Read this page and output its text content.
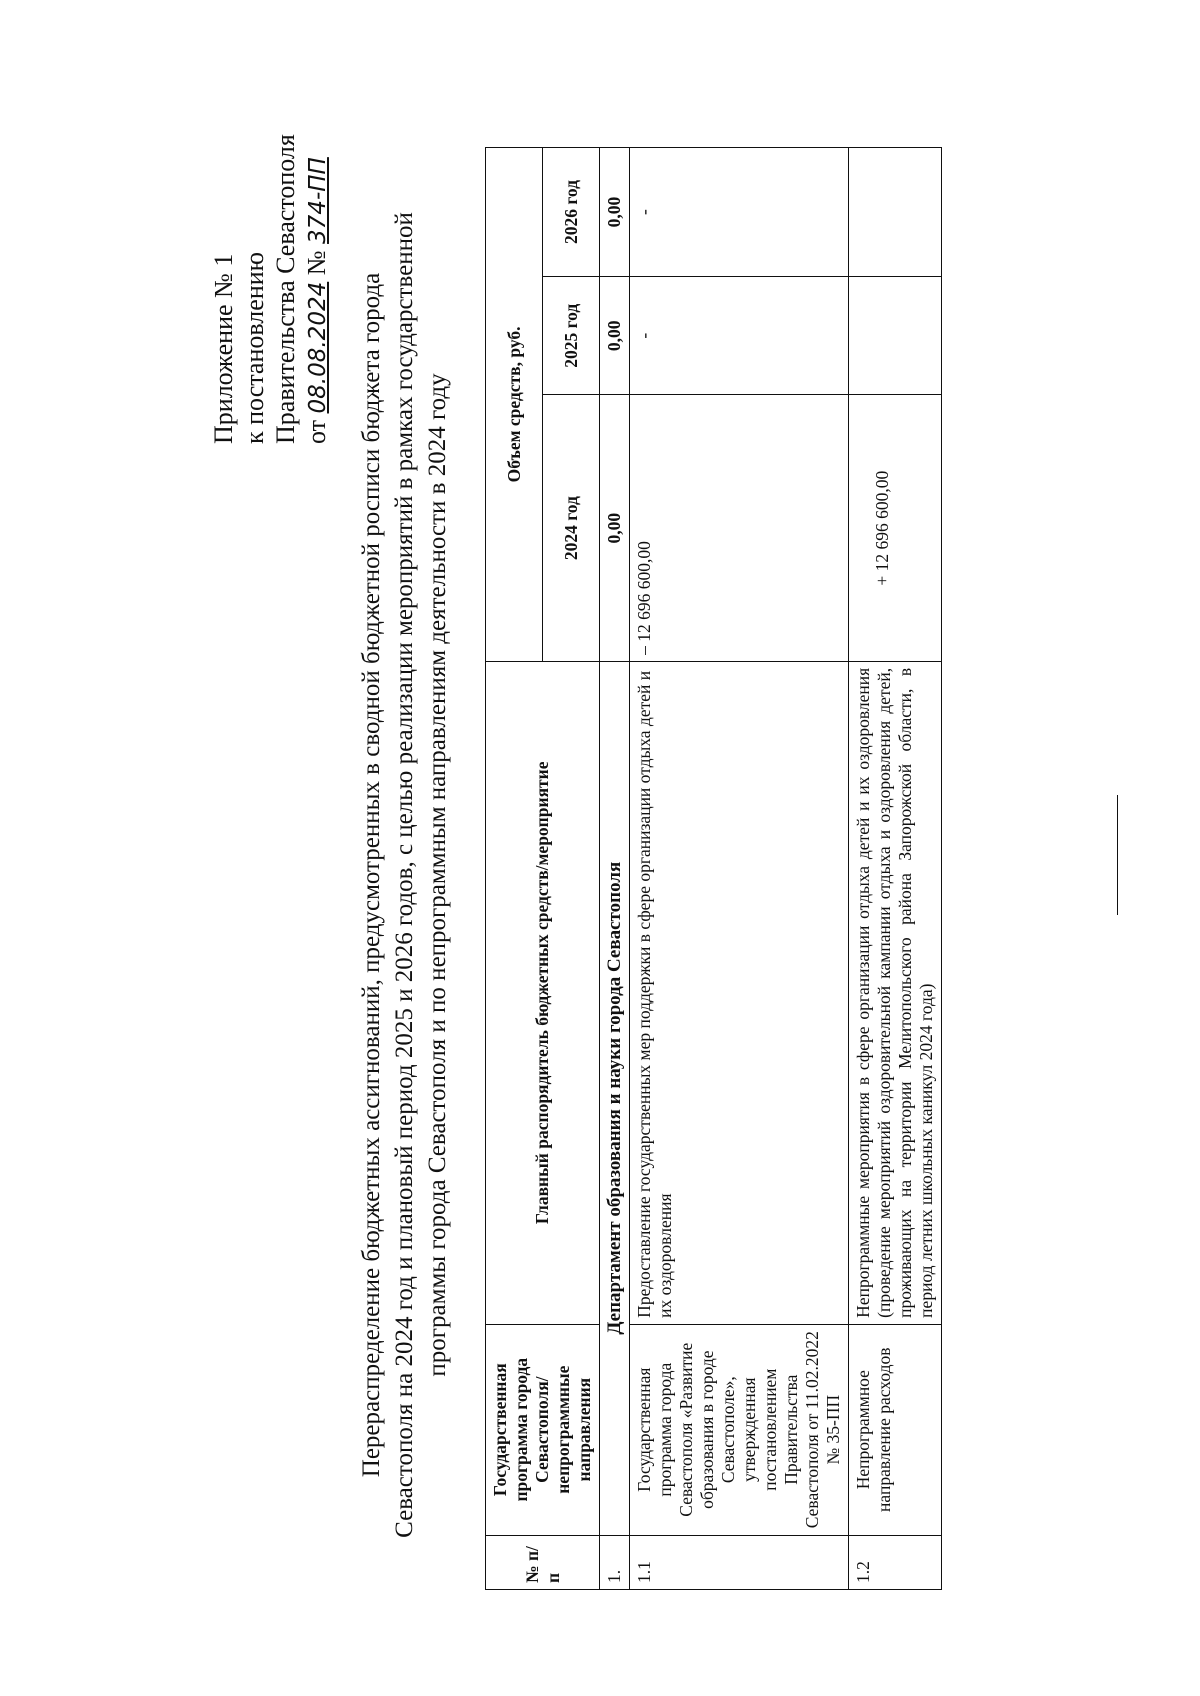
Приложение № 1 к постановлению Правительства Севастополя от 08.08.2024 № 374-ПП
Перераспределение бюджетных ассигнований, предусмотренных в сводной бюджетной росписи бюджета города Севастополя на 2024 год и плановый период 2025 и 2026 годов, с целью реализации мероприятий в рамках государственной программы города Севастополя и по непрограммным направлениям деятельности в 2024 году
№ п/п	Государственная программа города Севастополя/непрограммные направления	Главный распорядитель бюджетных средств/мероприятие	Объем средств, руб.		
			2024 год	2025 год	2026 год
1.	Департамент образования и науки города Севастополя		0,00	0,00	0,00
1.1	Государственная программа города Севастополя «Развитие образования в городе Севастополе», утвержденная постановлением Правительства Севастополя от 11.02.2022 № 35-ПП	Предоставление государственных мер поддержки в сфере организации отдыха детей и их оздоровления	– 12 696 600,00	-	-
1.2	Непрограммное направление расходов	Непрограммные мероприятия в сфере организации отдыха детей и их оздоровления (проведение мероприятий оздоровительной кампании отдыха и оздоровления детей, проживающих на территории Мелитопольского района Запорожской области, в период летних школьных каникул 2024 года)	+ 12 696 600,00		
